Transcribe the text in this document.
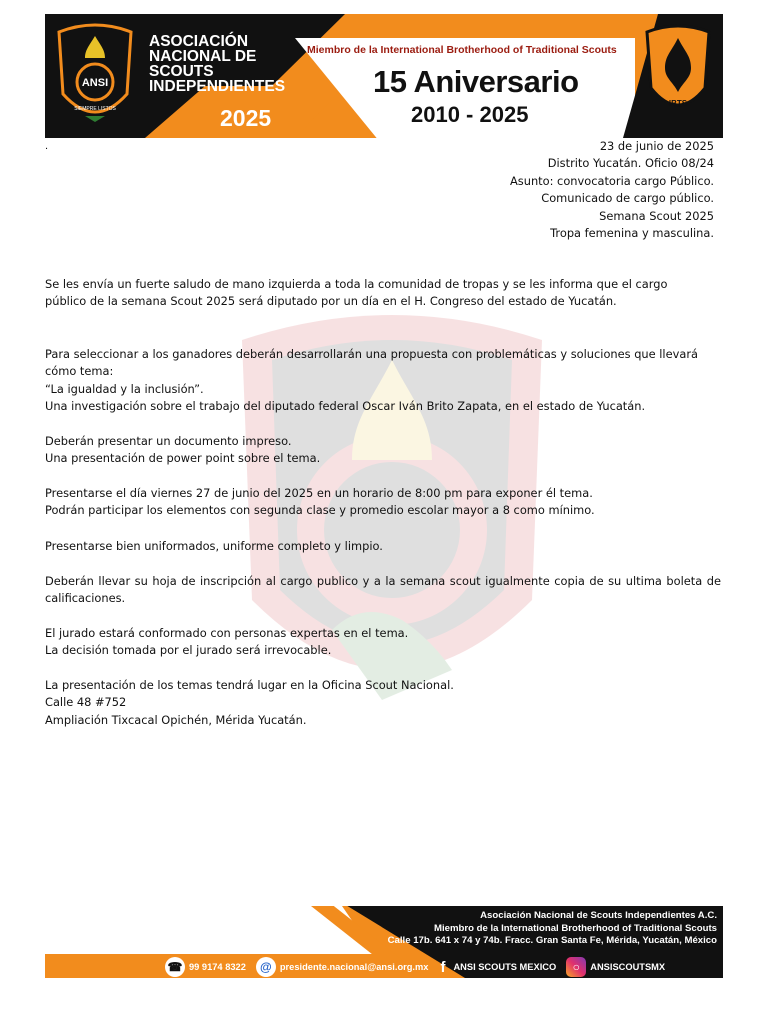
ANSI
SIEMPRE LISTOS
ASOCIACIÓN
NACIONAL DE
SCOUTS
INDEPENDIENTES
2025
Miembro de la International Brotherhood of Traditional Scouts
15 Aniversario
2010 - 2025	IBTS
.	23 de junio de 2025
Distrito Yucatán. Oficio 08/24
Asunto: convocatoria cargo Público.
Comunicado de cargo público.
Semana Scout 2025
Tropa femenina y masculina.
Se les envía un fuerte saludo de mano izquierda a toda la comunidad de tropas y se les informa que el cargo
público de la semana Scout 2025 será diputado por un día en el H. Congreso del estado de Yucatán.
Para seleccionar a los ganadores deberán desarrollarán una propuesta con problemáticas y soluciones que llevará cómo tema:
“La igualdad y la inclusión”.
Una investigación sobre el trabajo del diputado federal Oscar Iván Brito Zapata, en el estado de Yucatán.
Deberán presentar un documento impreso.
Una presentación de power point sobre el tema.
Presentarse el día viernes 27 de junio del 2025 en un horario de 8:00 pm para exponer él tema.
Podrán participar los elementos con segunda clase y promedio escolar mayor a 8 como mínimo.
Presentarse bien uniformados, uniforme completo y limpio.
Deberán llevar su hoja de inscripción al cargo publico y a la semana scout igualmente copia de su ultima boleta de calificaciones.
El jurado estará conformado con personas expertas en el tema.
La decisión tomada por el jurado será irrevocable.
La presentación de los temas tendrá lugar en la Oficina Scout Nacional.
Calle 48 #752
Ampliación Tixcacal Opichén, Mérida Yucatán.
Asociación Nacional de Scouts Independientes A.C.
Miembro de la International Brotherhood of Traditional Scouts
Calle 17b. 641 x 74 y 74b. Fracc. Gran Santa Fe, Mérida, Yucatán, México
☎ 99 9174 8322	@ presidente.nacional@ansi.org.mx f ANSI SCOUTS MEXICO	○	ANSISCOUTSMX
